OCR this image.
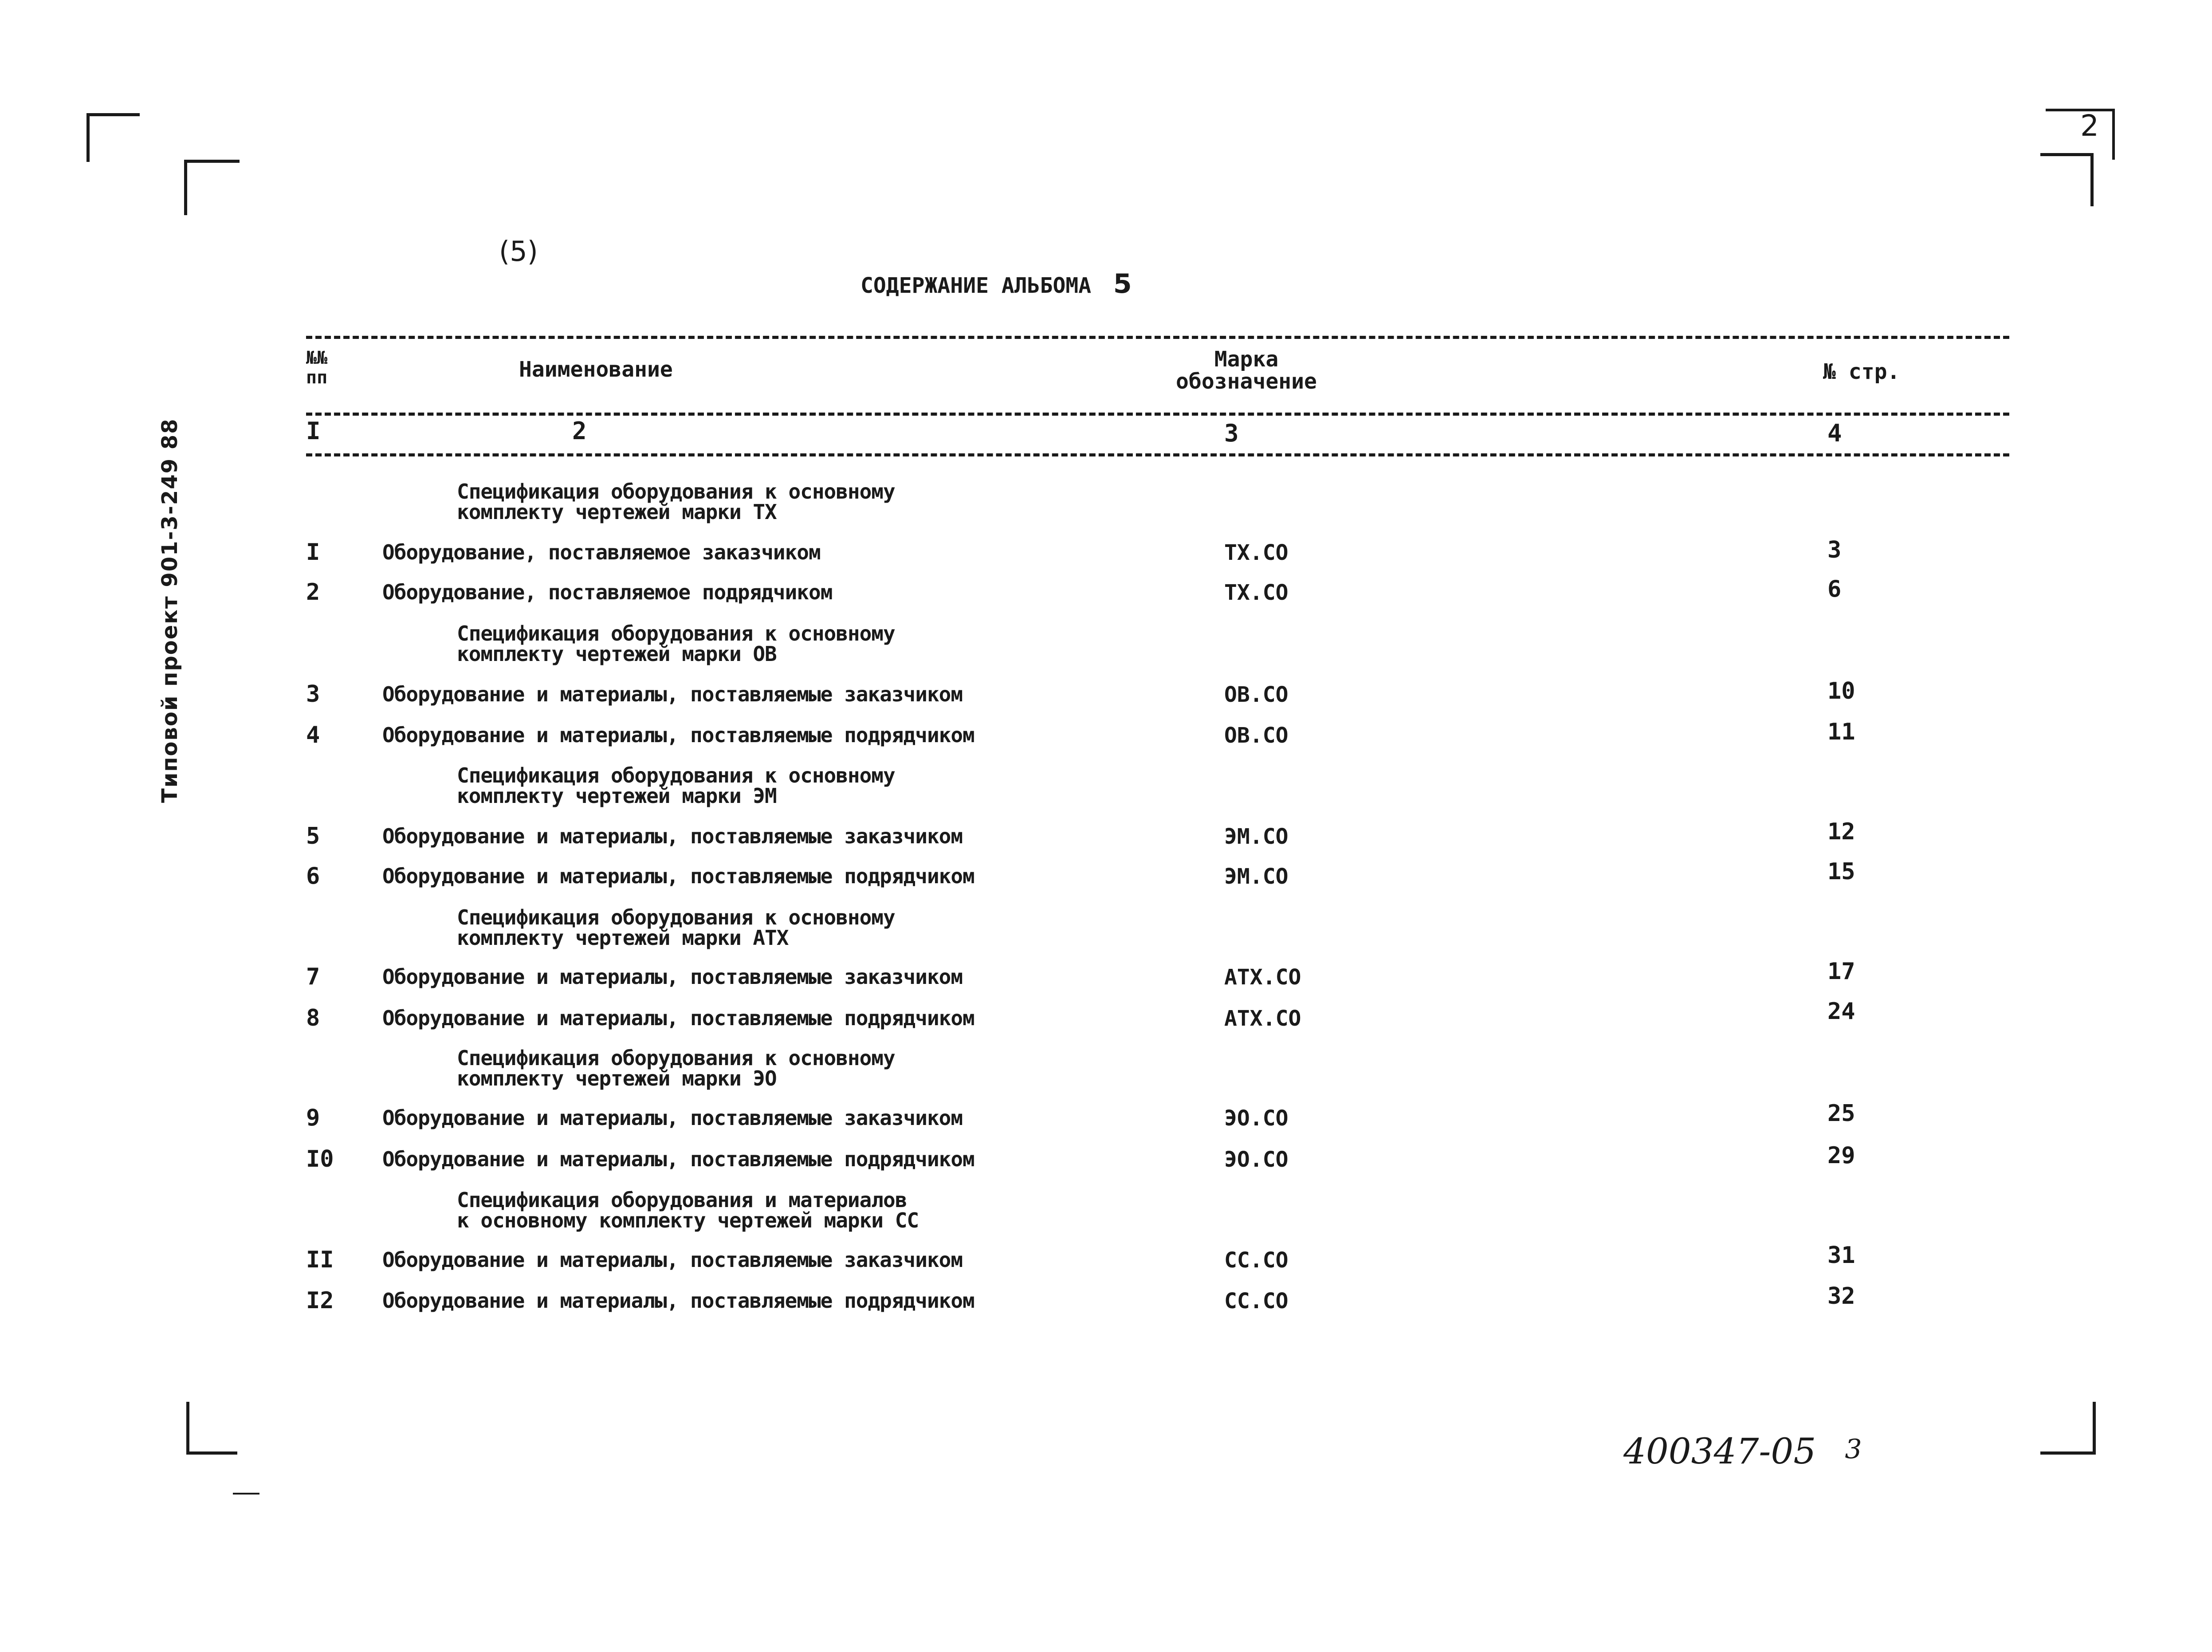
2
Типовой проект 901-3-249 88
(5)
СОДЕРЖАНИЕ АЛЬБОМА 5
№№ пп	Наименование	Марка обозначение	№ стр.
I	2	3	4
Спецификация оборудования к основному
комплекту чертежей марки ТХ
I	Оборудование, поставляемое заказчиком	ТХ.СО	3
2	Оборудование, поставляемое подрядчиком	ТХ.СО	6
Спецификация оборудования к основному
комплекту чертежей марки ОВ
3	Оборудование и материалы, поставляемые заказчиком	ОВ.СО	10
4	Оборудование и материалы, поставляемые подрядчиком	ОВ.СО	11
Спецификация оборудования к основному
комплекту чертежей марки ЭМ
5	Оборудование и материалы, поставляемые заказчиком	ЭМ.СО	12
6	Оборудование и материалы, поставляемые подрядчиком	ЭМ.СО	15
Спецификация оборудования к основному
комплекту чертежей марки АТХ
7	Оборудование и материалы, поставляемые заказчиком	АТХ.СО	17
8	Оборудование и материалы, поставляемые подрядчиком	АТХ.СО	24
Спецификация оборудования к основному
комплекту чертежей марки ЭО
9	Оборудование и материалы, поставляемые заказчиком	ЭО.СО	25
I0	Оборудование и материалы, поставляемые подрядчиком	ЭО.СО	29
Спецификация оборудования и материалов
к основному комплекту чертежей марки СС
II	Оборудование и материалы, поставляемые заказчиком	СС.СО	31
I2	Оборудование и материалы, поставляемые подрядчиком	СС.СО	32
400347-05 3
